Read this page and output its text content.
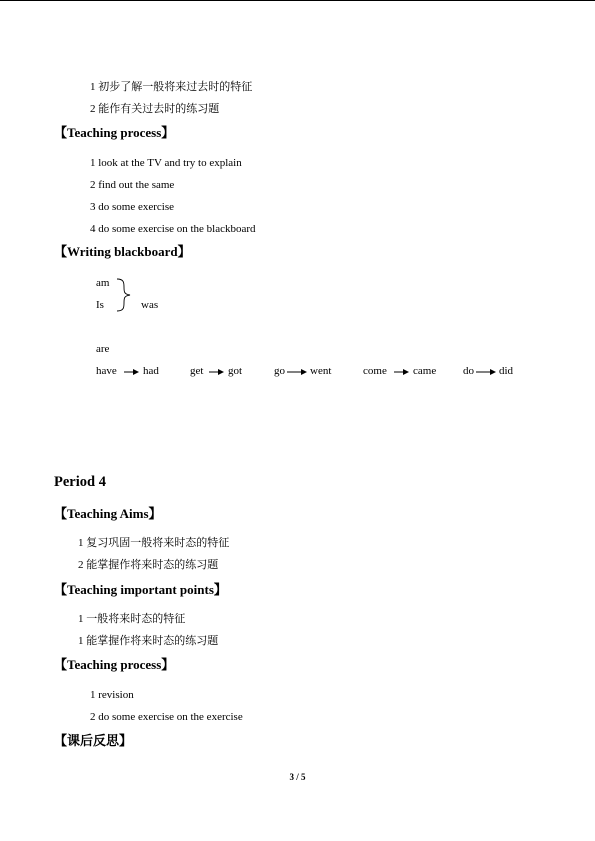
1 初步了解一般将来过去时的特征
2 能作有关过去时的练习题
【Teaching process】
1 look at the TV and try to explain
2 find out the same
3 do some exercise
4 do some exercise on the blackboard
【Writing blackboard】
am
Is	was
are
have had	get got	go went	come came do did
Period 4
【Teaching Aims】
1 复习巩固一般将来时态的特征
2 能掌握作将来时态的练习题
【Teaching important points】
1 一般将来时态的特征
1 能掌握作将来时态的练习题
【Teaching process】
1 revision
2 do some exercise on the exercise
【课后反思】
3 / 5
